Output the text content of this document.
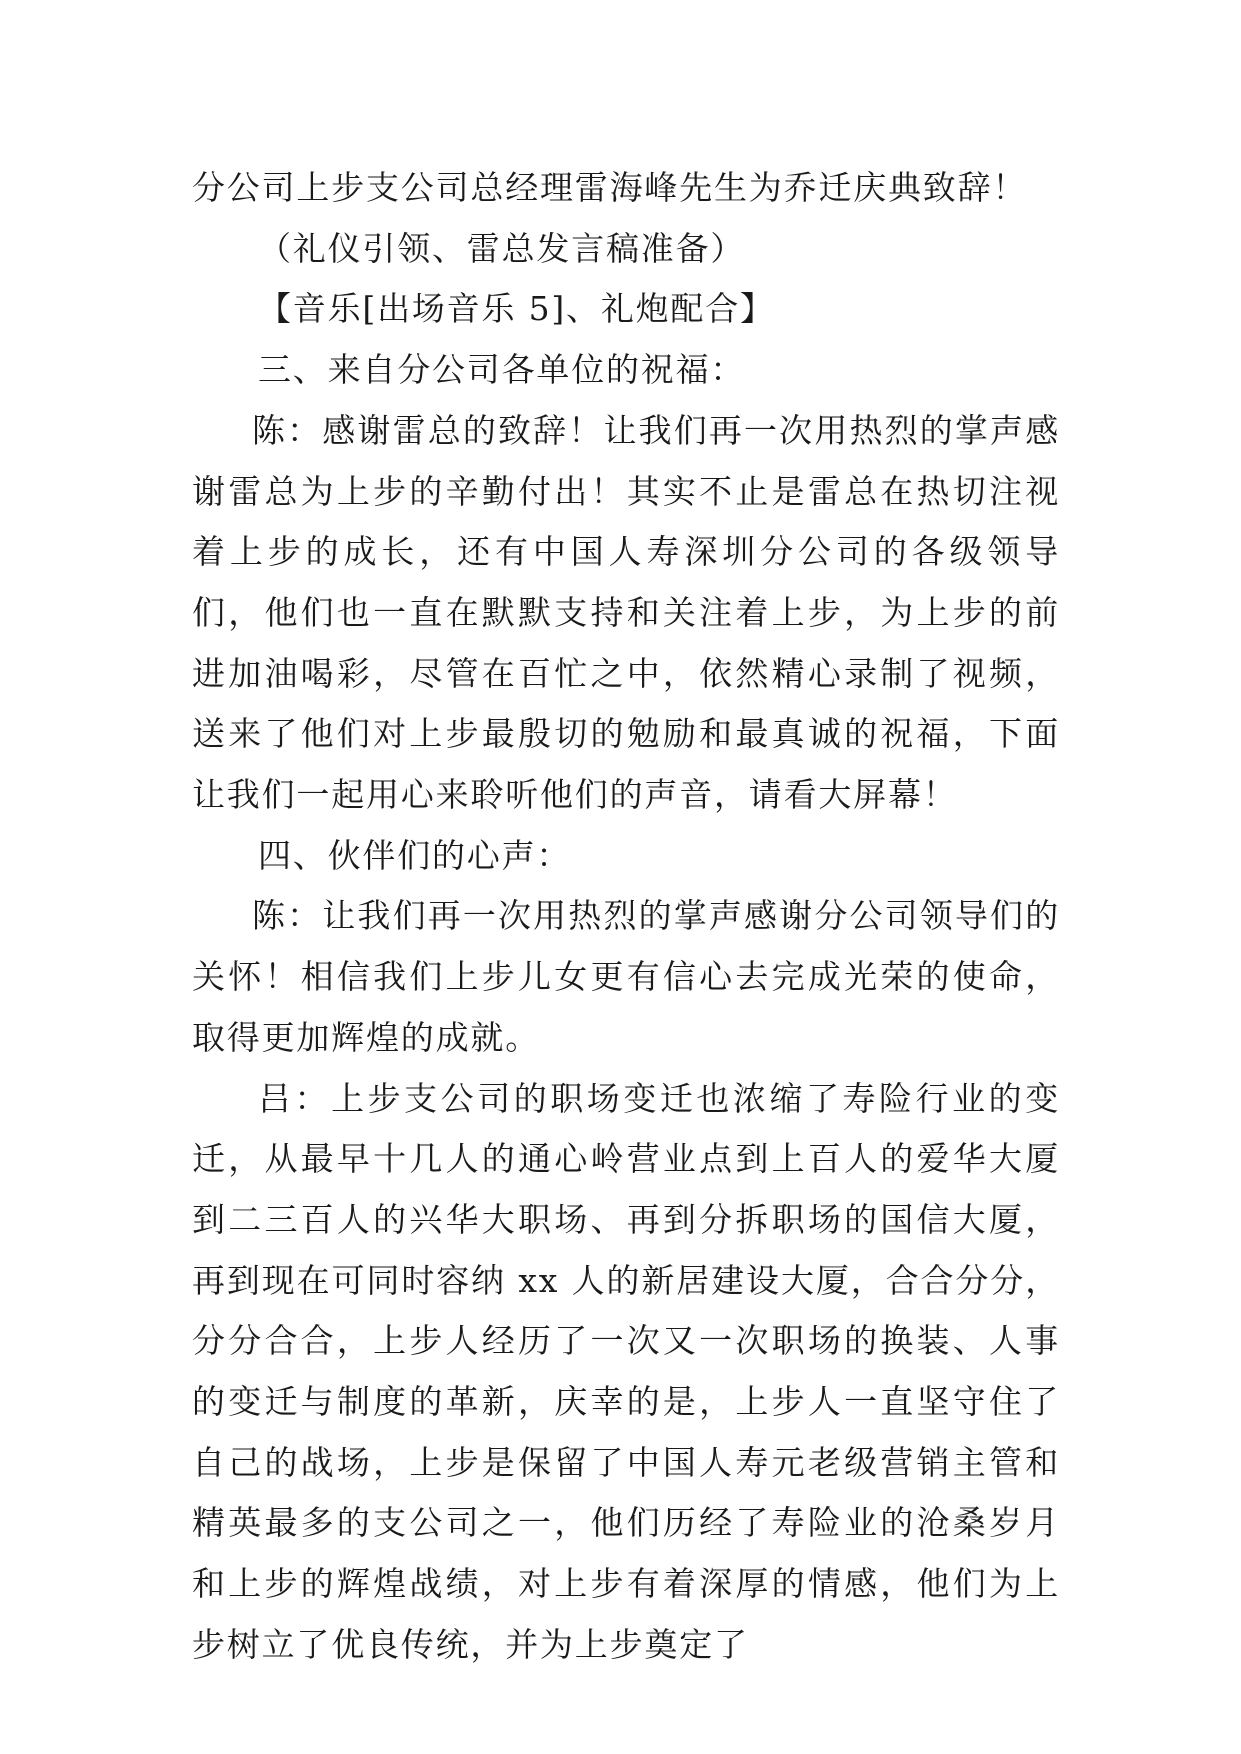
分公司上步支公司总经理雷海峰先生为乔迁庆典致辞！

（礼仪引领、雷总发言稿准备）

【音乐[出场音乐 5]、礼炮配合】

三、来自分公司各单位的祝福：

陈：感谢雷总的致辞！让我们再一次用热烈的掌声感谢雷总为上步的辛勤付出！其实不止是雷总在热切注视着上步的成长，还有中国人寿深圳分公司的各级领导们，他们也一直在默默支持和关注着上步，为上步的前进加油喝彩，尽管在百忙之中，依然精心录制了视频，送来了他们对上步最殷切的勉励和最真诚的祝福，下面让我们一起用心来聆听他们的声音，请看大屏幕！

四、伙伴们的心声：

陈：让我们再一次用热烈的掌声感谢分公司领导们的关怀！相信我们上步儿女更有信心去完成光荣的使命，取得更加辉煌的成就。

吕：上步支公司的职场变迁也浓缩了寿险行业的变迁，从最早十几人的通心岭营业点到上百人的爱华大厦到二三百人的兴华大职场、再到分拆职场的国信大厦，再到现在可同时容纳 xx 人的新居建设大厦，合合分分，分分合合，上步人经历了一次又一次职场的换装、人事的变迁与制度的革新，庆幸的是，上步人一直坚守住了自己的战场，上步是保留了中国人寿元老级营销主管和精英最多的支公司之一，他们历经了寿险业的沧桑岁月和上步的辉煌战绩，对上步有着深厚的情感，他们为上步树立了优良传统，并为上步奠定了
